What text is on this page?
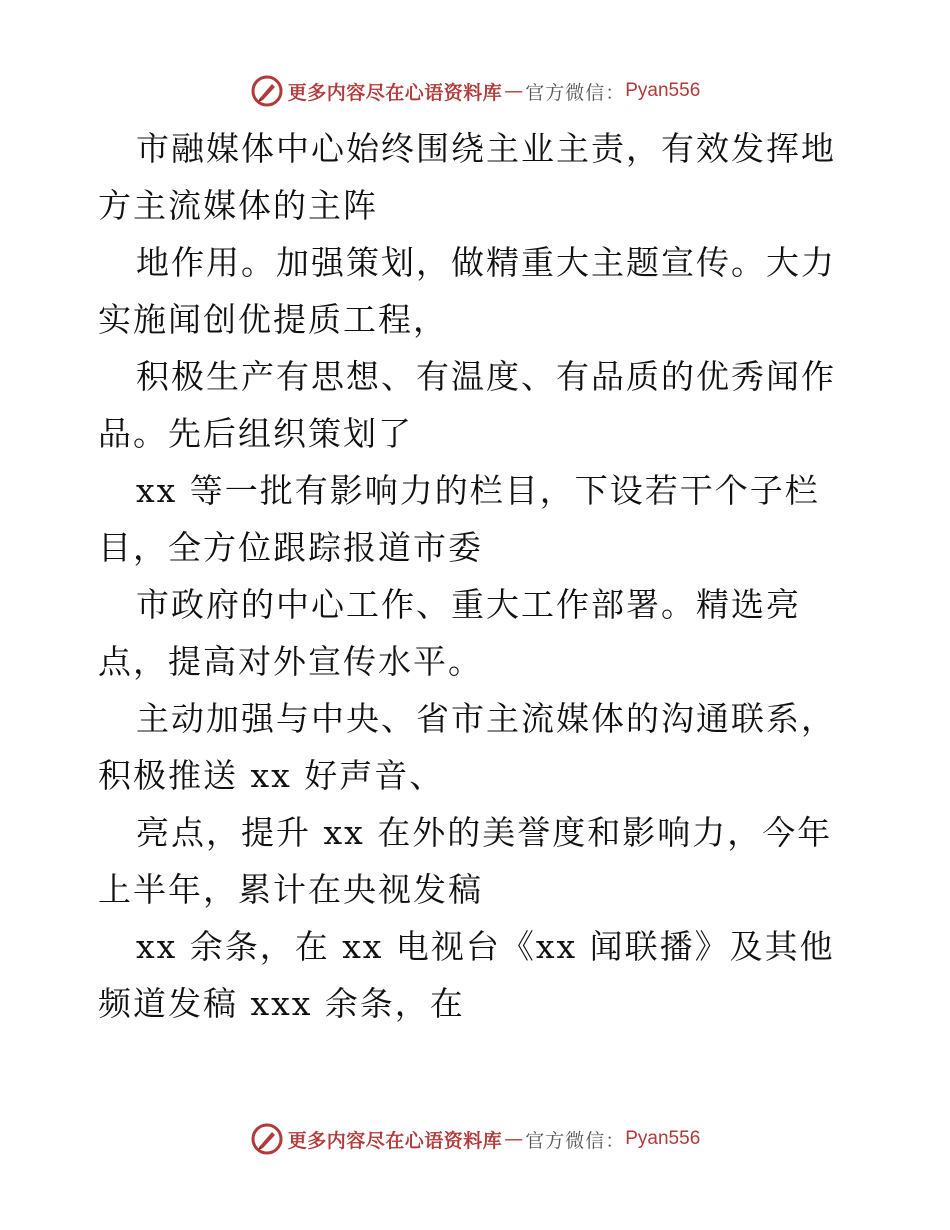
更多内容尽在心语资料库 — 官方微信： Pyan556

市融媒体中心始终围绕主业主责，有效发挥地方主流媒体的主阵

地作用。加强策划，做精重大主题宣传。大力实施闻创优提质工程，

积极生产有思想、有温度、有品质的优秀闻作品。先后组织策划了

xx 等一批有影响力的栏目，下设若干个子栏目，全方位跟踪报道市委

市政府的中心工作、重大工作部署。精选亮点，提高对外宣传水平。

主动加强与中央、省市主流媒体的沟通联系，积极推送 xx 好声音、

亮点，提升 xx 在外的美誉度和影响力，今年上半年，累计在央视发稿

xx 余条，在 xx 电视台《xx 闻联播》及其他频道发稿 xxx 余条，在

更多内容尽在心语资料库 — 官方微信： Pyan556
